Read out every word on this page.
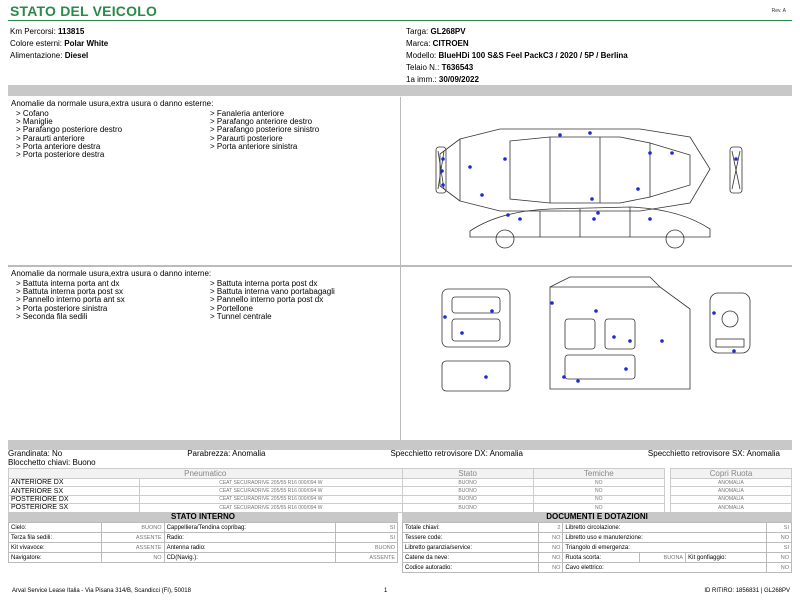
STATO DEL VEICOLO	Rev. A
Km Percorsi: 113815
Colore esterni: Polar White
Alimentazione: Diesel
Targa: GL268PV
Marca: CITROEN
Modello: BlueHDi 100 S&S Feel PackC3 / 2020 / 5P / Berlina
Telaio N.: T636543
1a imm.: 30/09/2022
Anomalie da normale usura,extra usura o danno esterne:
> Cofano	> Fanaleria anteriore
> Maniglie	> Parafango anteriore destro
> Parafango posteriore destro	> Parafango posteriore sinistro
> Paraurti anteriore	> Paraurti posteriore
> Porta anteriore destra	> Porta anteriore sinistra
> Porta posteriore destra
Anomalie da normale usura,extra usura o danno interne:
> Battuta interna porta ant dx	> Battuta interna porta post dx
> Battuta interna porta post sx	> Battuta interna vano portabagagli
> Pannello interno porta ant sx	> Pannello interno porta post dx
> Porta posteriore sinistra	> Portellone
> Seconda fila sedili	> Tunnel centrale
Grandinata: No	Parabrezza: Anomalia	Specchietto retrovisore DX: Anomalia	Specchietto retrovisore SX: Anomalia
Blocchetto chiavi: Buono
Pneumatico		Stato	Temiche		Copri Ruota
ANTERIORE DX	CEAT SECURADRIVE 205/55 R16 000/094 W	BUONO	NO		ANOMALIA
ANTERIORE SX	CEAT SECURADRIVE 205/55 R16 000/094 W	BUONO	NO		ANOMALIA
POSTERIORE DX	CEAT SECURADRIVE 205/55 R16 000/094 W	BUONO	NO		ANOMALIA
POSTERIORE SX	CEAT SECURADRIVE 205/55 R16 000/094 W	BUONO	NO		ANOMALIA
STATO INTERNO
Cielo:	BUONO	Cappelliera/Tendina copribag:	SI
Terza fila sedili:	ASSENTE	Radio:	SI
Kit vivavoce:	ASSENTE	Antenna radio:	BUONO
Navigatore:	NO	CD(Navig.):	ASSENTE
DOCUMENTI E DOTAZIONI
Totale chiavi:	2	Libretto circolazione:			SI
Tessere code:	NO	Libretto uso e manutenzione:			NO
Libretto garanzia/service:	NO	Triangolo di emergenza:			SI
Catene da neve:	NO	Ruota scorta:	BUONA	Kit gonfiaggio:	NO
Codice autoradio:	NO	Cavo elettrico:			NO
Arval Service Lease Italia - Via Pisana 314/B, Scandicci (FI), 50018	1	ID RITIRO: 1856831 | GL268PV
